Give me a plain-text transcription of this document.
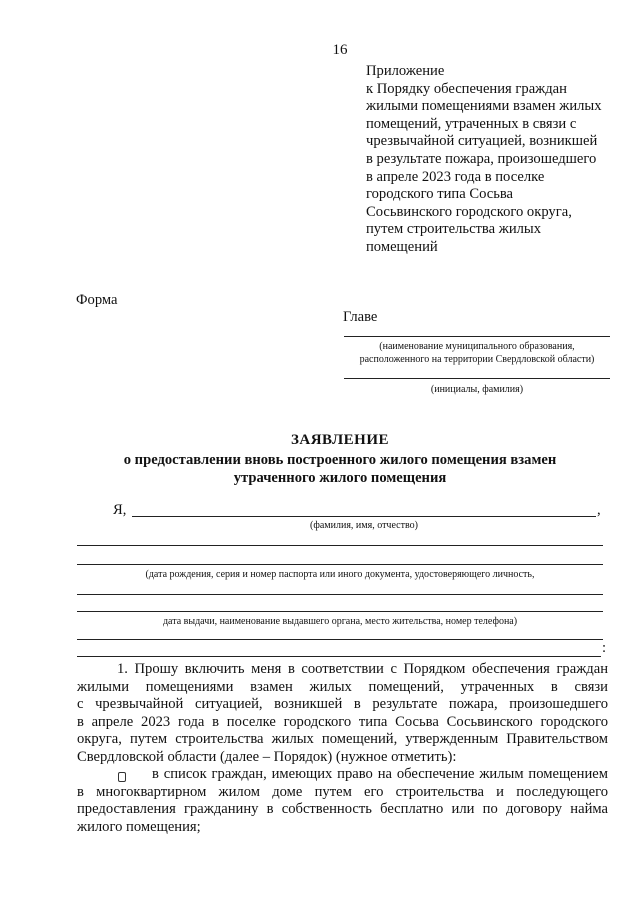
16
Приложение
к Порядку обеспечения граждан
жилыми помещениями взамен жилых
помещений, утраченных в связи с
чрезвычайной ситуацией, возникшей
в результате пожара, произошедшего
в апреле 2023 года в поселке
городского типа Сосьва
Сосьвинского городского округа,
путем строительства жилых
помещений
Форма
Главе
(наименование муниципального образования,
расположенного на территории Свердловской области)
(инициалы, фамилия)
ЗАЯВЛЕНИЕ
о предоставлении вновь построенного жилого помещения взамен
утраченного жилого помещения
Я,	,
(фамилия, имя, отчество)
(дата рождения, серия и номер паспорта или иного документа, удостоверяющего личность,
дата выдачи, наименование выдавшего органа, место жительства, номер телефона)
:
1. Прошу включить меня в соответствии с Порядком обеспечения граждан
жилыми помещениями взамен жилых помещений, утраченных в связи
с чрезвычайной ситуацией, возникшей в результате пожара, произошедшего
в апреле 2023 года в поселке городского типа Сосьва Сосьвинского городского
округа, путем строительства жилых помещений, утвержденным Правительством
Свердловской области (далее – Порядок) (нужное отметить):
в список граждан, имеющих право на обеспечение жилым помещением
в многоквартирном жилом доме путем его строительства и последующего
предоставления гражданину в собственность бесплатно или по договору найма
жилого помещения;
